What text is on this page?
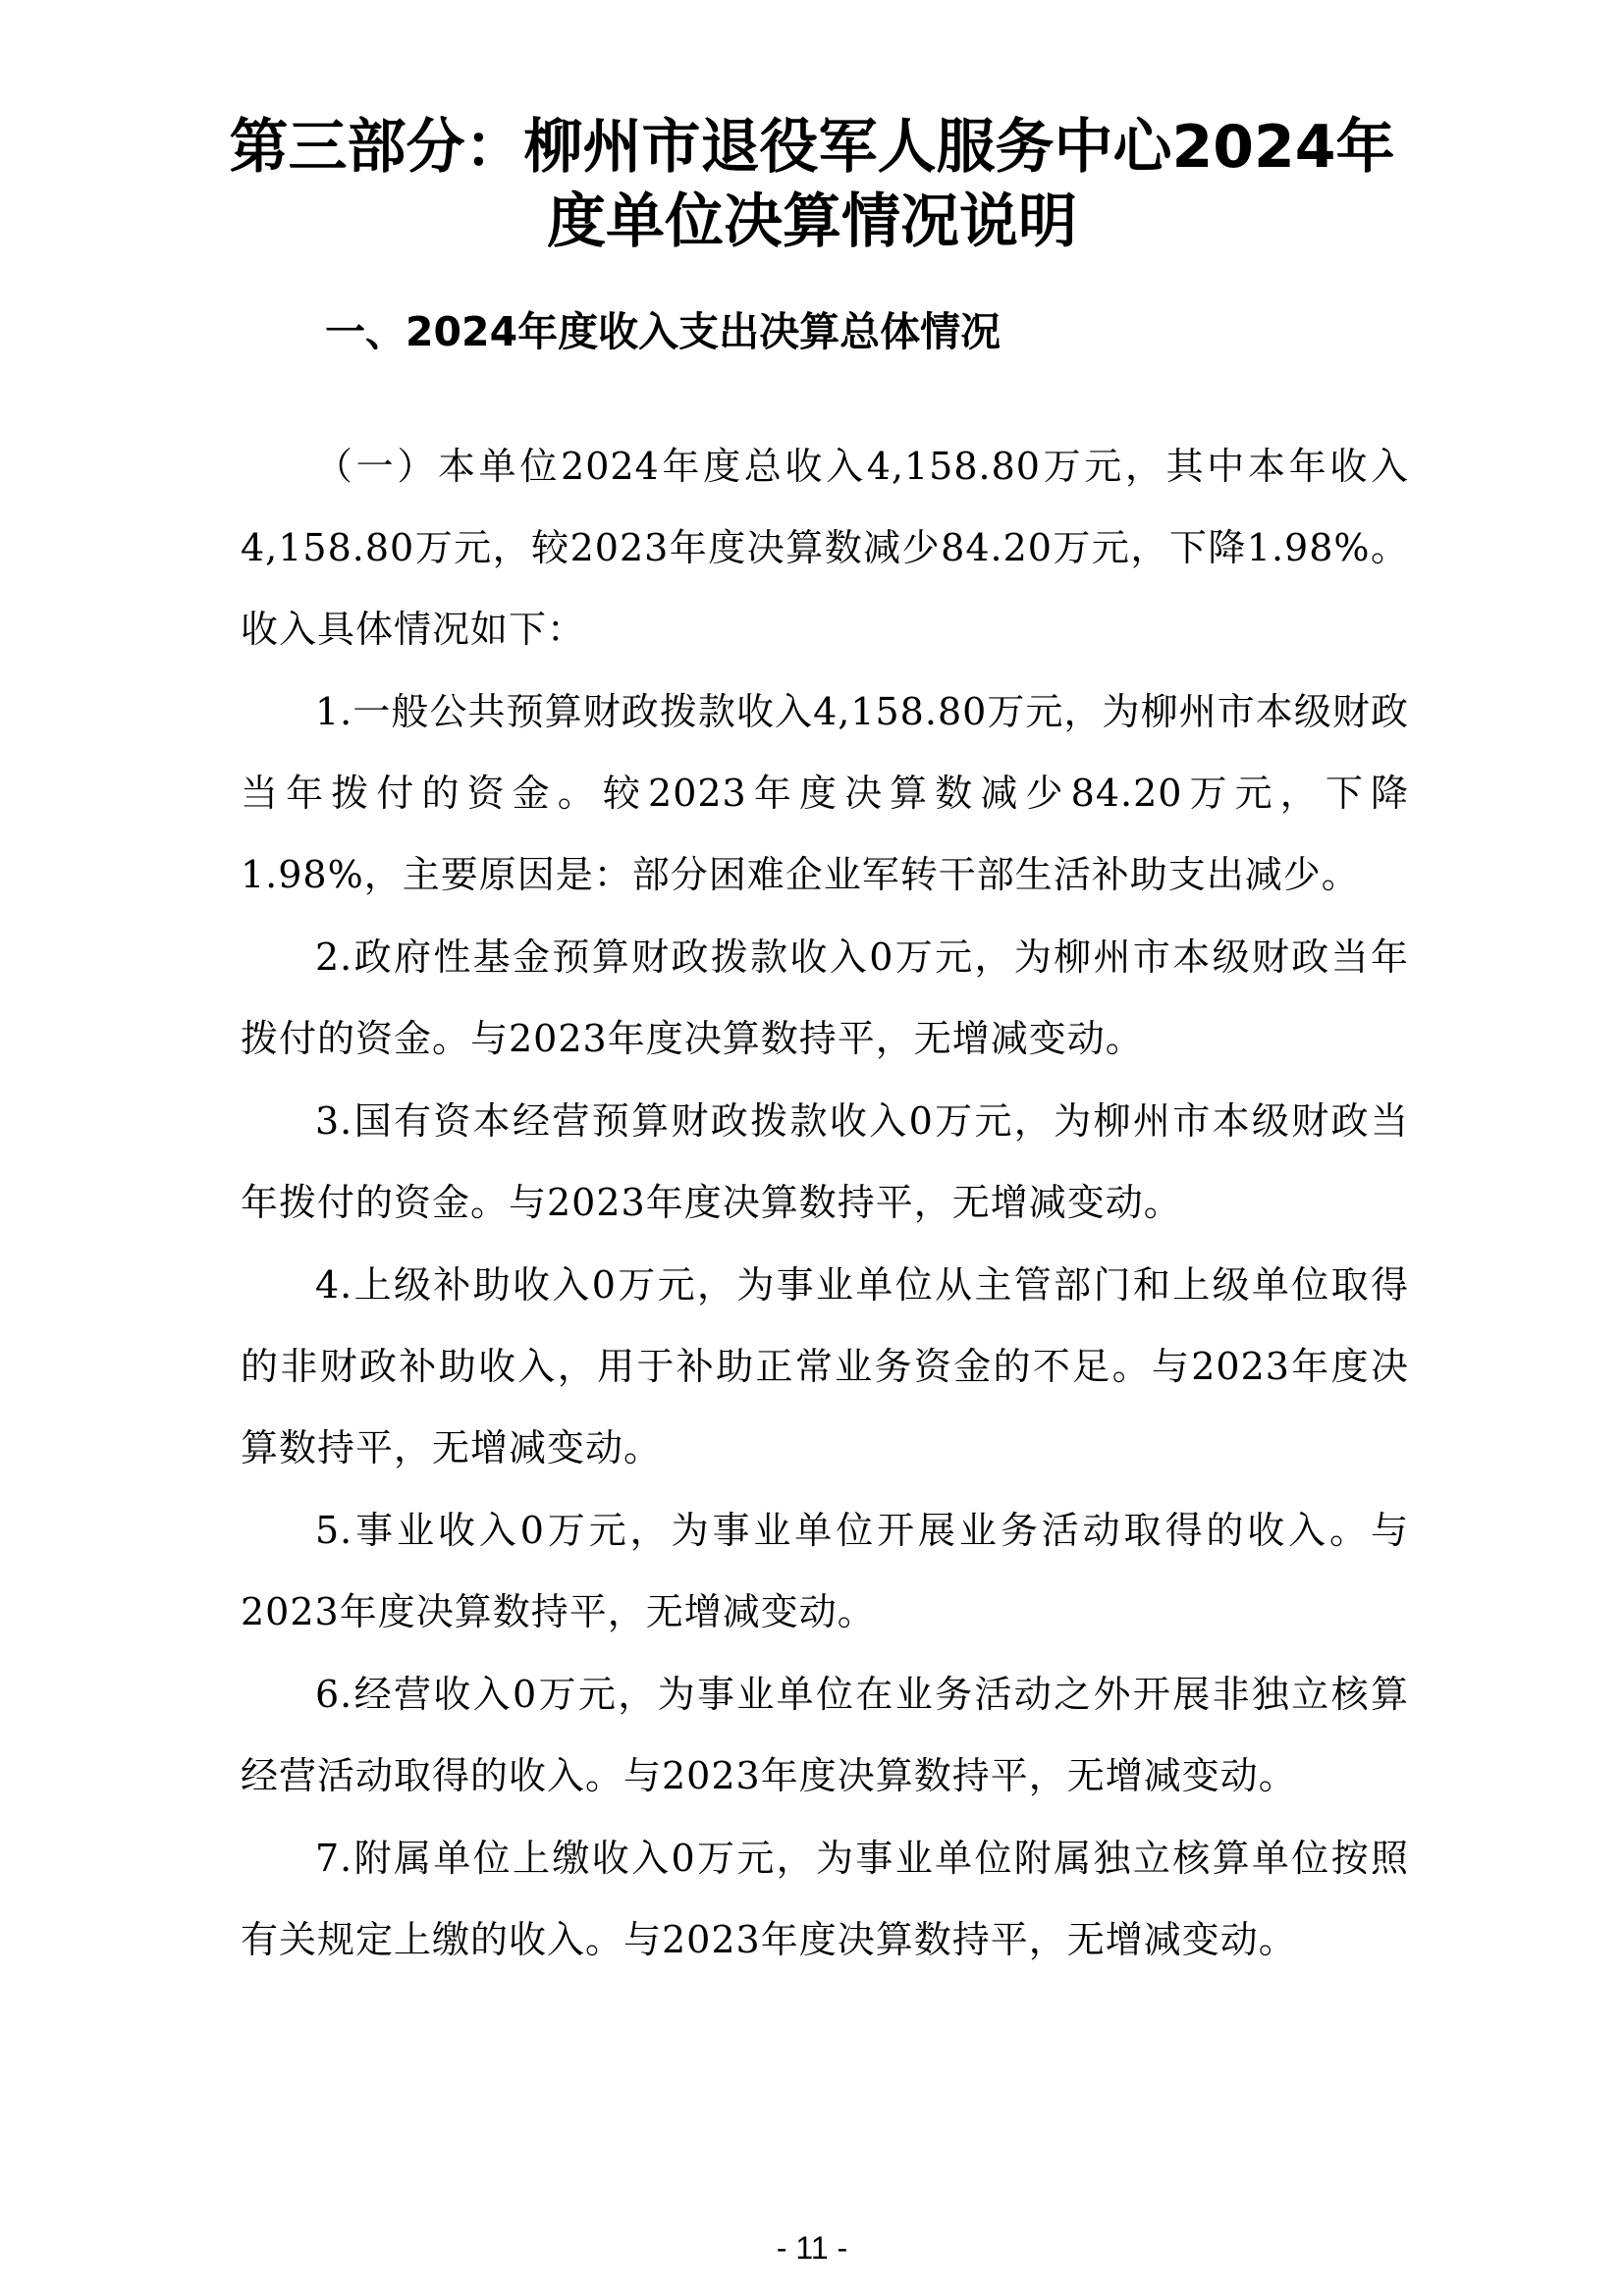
第三部分：柳州市退役军人服务中心2024年
度单位决算情况说明
一、2024年度收入支出决算总体情况

（一）本单位2024年度总收入4,158.80万元，其中本年收入4,158.80万元，较2023年度决算数减少84.20万元，下降1.98%。收入具体情况如下：

1.一般公共预算财政拨款收入4,158.80万元，为柳州市本级财政当年拨付的资金。较2023年度决算数减少84.20万元，下降1.98%，主要原因是：部分困难企业军转干部生活补助支出减少。

2.政府性基金预算财政拨款收入0万元，为柳州市本级财政当年拨付的资金。与2023年度决算数持平，无增减变动。

3.国有资本经营预算财政拨款收入0万元，为柳州市本级财政当年拨付的资金。与2023年度决算数持平，无增减变动。

4.上级补助收入0万元，为事业单位从主管部门和上级单位取得的非财政补助收入，用于补助正常业务资金的不足。与2023年度决算数持平，无增减变动。

5.事业收入0万元，为事业单位开展业务活动取得的收入。与2023年度决算数持平，无增减变动。

6.经营收入0万元，为事业单位在业务活动之外开展非独立核算经营活动取得的收入。与2023年度决算数持平，无增减变动。

7.附属单位上缴收入0万元，为事业单位附属独立核算单位按照有关规定上缴的收入。与2023年度决算数持平，无增减变动。

- 11 -
